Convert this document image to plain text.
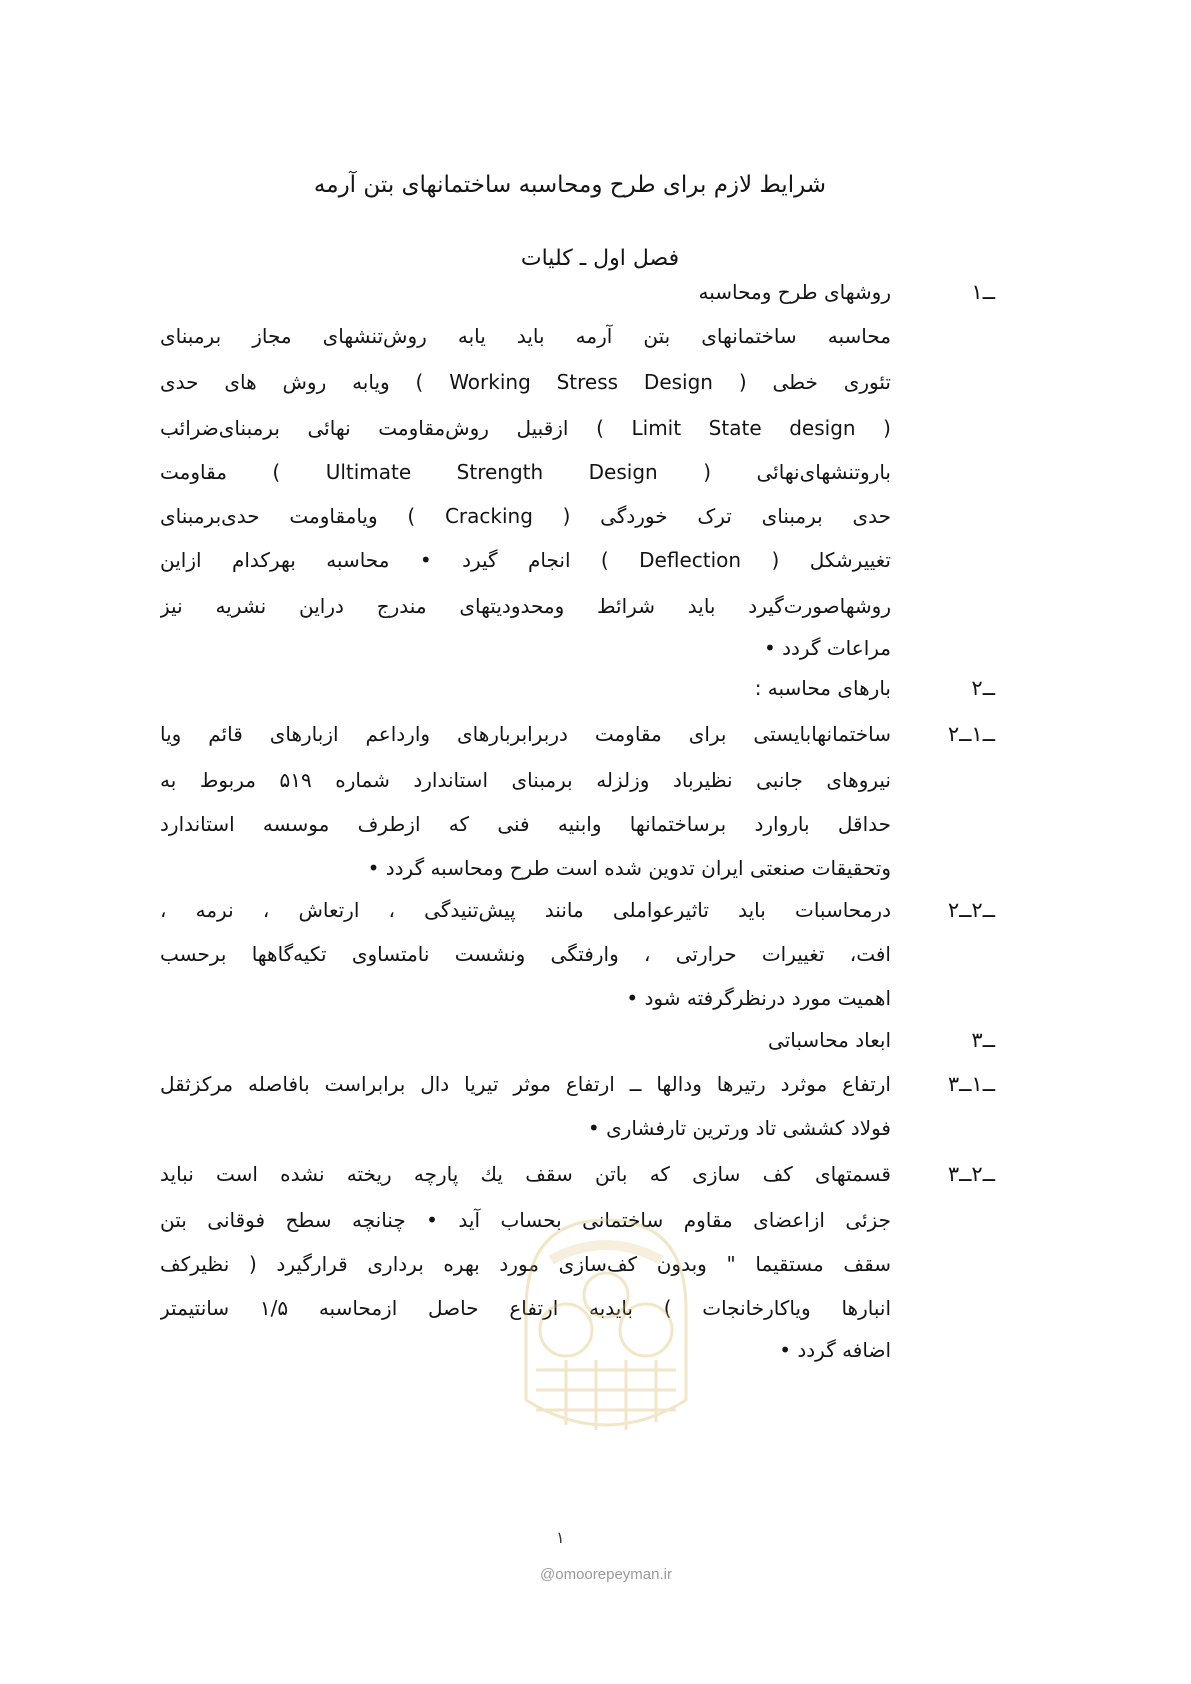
شرایط لازم برای طرح ومحاسبه ساختمانهای بتن آرمه
فصل اول ـ کلیات
۱ــ
روشهای طرح ومحاسبه
محاسبه ساختمانهای بتن آرمه باید یابه روش‌تنشهای مجاز برمبنای
تئوری خطی ( Working Stress Design ) ویابه روش های حدی
( Limit State design ) ازقبیل روش‌مقاومت نهائی برمبنای‌ضرائب
بارو‌تنشهای‌نهائی ( Ultimate Strength Design ) مقاومت
حدی برمبنای ترک خوردگی ( Cracking ) ویامقاومت حدی‌برمبنای
تغییرشکل ( Deflection ) انجام گیرد • محاسبه بهرکدام ازاین
روشهاصورت‌گیرد باید شرائط ومحدودیتهای مندرج دراین نشریه نیز
مراعات گردد •
۲ــ
بارهای محاسبه :
۲ــ۱ــ
ساختمانهابایستی برای مقاومت دربرابربارهای وارداعم ازبارهای قائم ویا
نیروهای جانبی نظیرباد وزلزله برمبنای استاندارد شماره ۵۱۹ مربوط به
حداقل باروارد برساختمانها وابنیه فنی که ازطرف موسسه استاندارد
وتحقیقات صنعتی ایران تدوین شده است طرح ومحاسبه گردد •
۲ــ۲ــ
درمحاسبات باید تاثیرعواملی مانند پیش‌تنیدگی ، ارتعاش ، نرمه ،
افت، تغییرات حرارتی ، وارفتگی ونشست نامتساوی تکیه‌گاهها برحسب
اهمیت مورد درنظرگرفته شود •
۳ــ
ابعاد محاسباتی
۳ــ۱ــ
ارتفاع موثرد رتیرها ودالها ــ ارتفاع موثر تیریا دال برابراست بافاصله مرکزثقل
فولاد کششی تاد ورترین تارفشاری •
۳ــ۲ــ
قسمتهای کف سازی که باتن سقف یك پارچه ریخته نشده است نباید
جزئی ازاعضای مقاوم ساختمانی بحساب آید • چنانچه سطح فوقانی بتن
سقف مستقیما " وبدون کف‌سازی مورد بهره برداری قرارگیرد ( نظیرکف
انبارها ویاکارخانجات ) بایدبه ارتفاع حاصل ازمحاسبه ۱/۵ سانتیمتر
اضافه گردد •
۱
@omoorepeyman.ir
